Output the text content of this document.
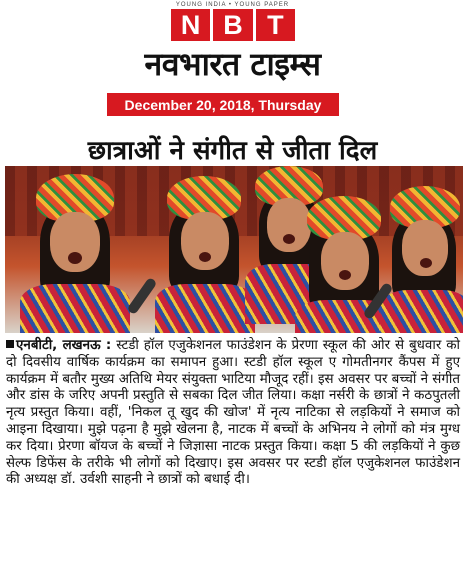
YOUNG INDIA • YOUNG PAPER
N B T
नवभारत टाइम्स
December 20, 2018, Thursday
छात्राओं ने संगीत से जीता दिल
एनबीटी, लखनऊ : स्टडी हॉल एजुकेशनल फाउंडेशन के प्रेरणा स्कूल की ओर से बुधवार को दो दिवसीय वार्षिक कार्यक्रम का समापन हुआ। स्टडी हॉल स्कूल ए गोमतीनगर कैंपस में हुए कार्यक्रम में बतौर मुख्य अतिथि मेयर संयुक्ता भाटिया मौजूद रहीं। इस अवसर पर बच्चों ने संगीत और डांस के जरिए अपनी प्रस्तुति से सबका दिल जीत लिया। कक्षा नर्सरी के छात्रों ने कठपुतली नृत्य प्रस्तुत किया। वहीं, 'निकल तू खुद की खोज' में नृत्य नाटिका से लड़कियों ने समाज को आइना दिखाया। मुझे पढ़ना है मुझे खेलना है, नाटक में बच्चों के अभिनय ने लोगों को मंत्र मुग्ध कर दिया। प्रेरणा बॉयज के बच्चों ने जिज्ञासा नाटक प्रस्तुत किया। कक्षा 5 की लड़कियों ने कुछ सेल्फ डिफेंस के तरीके भी लोगों को दिखाए। इस अवसर पर स्टडी हॉल एजुकेशनल फाउंडेशन की अध्यक्ष डॉ. उर्वशी साहनी ने छात्रों को बधाई दी।
